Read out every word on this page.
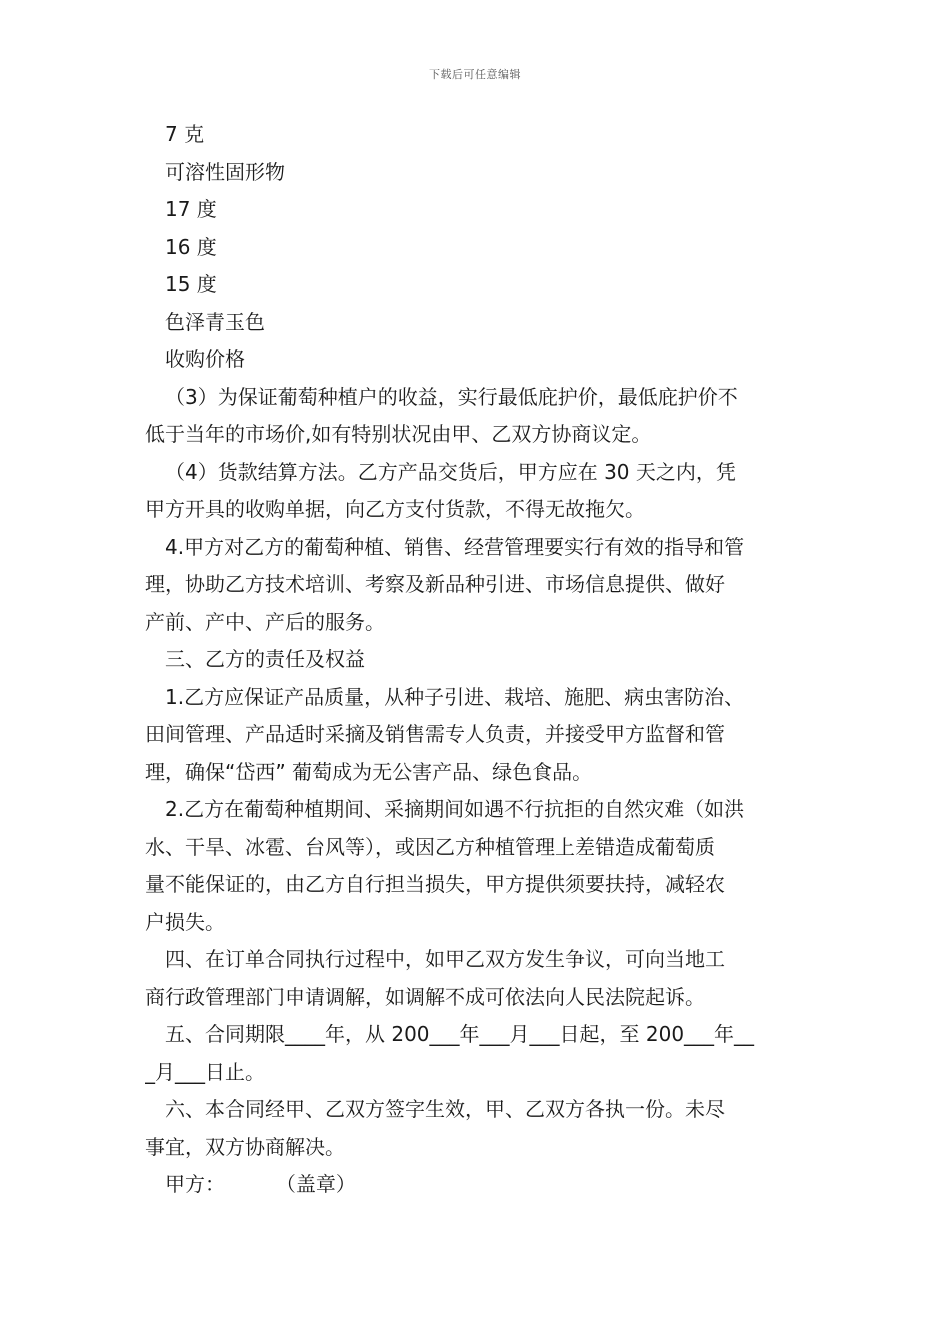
下载后可任意编辑
7 克
可溶性固形物
17 度
16 度
15 度
色泽青玉色
收购价格
（3）为保证葡萄种植户的收益，实行最低庇护价，最低庇护价不
低于当年的市场价,如有特别状况由甲、乙双方协商议定。
（4）货款结算方法。乙方产品交货后，甲方应在 30 天之内，凭
甲方开具的收购单据，向乙方支付货款，不得无故拖欠。
4.甲方对乙方的葡萄种植、销售、经营管理要实行有效的指导和管
理，协助乙方技术培训、考察及新品种引进、市场信息提供、做好
产前、产中、产后的服务。
三、乙方的责任及权益
1.乙方应保证产品质量，从种子引进、栽培、施肥、病虫害防治、
田间管理、产品适时采摘及销售需专人负责，并接受甲方监督和管
理，确保“岱西” 葡萄成为无公害产品、绿色食品。
2.乙方在葡萄种植期间、采摘期间如遇不行抗拒的自然灾难（如洪
水、干旱、冰雹、台风等），或因乙方种植管理上差错造成葡萄质
量不能保证的，由乙方自行担当损失，甲方提供须要扶持，减轻农
户损失。
四、在订单合同执行过程中，如甲乙双方发生争议，可向当地工
商行政管理部门申请调解，如调解不成可依法向人民法院起诉。
五、合同期限____年，从 200___年___月___日起，至 200___年__
_月___日止。
六、本合同经甲、乙双方签字生效，甲、乙双方各执一份。未尽
事宜，双方协商解决。
甲方：        （盖章）
